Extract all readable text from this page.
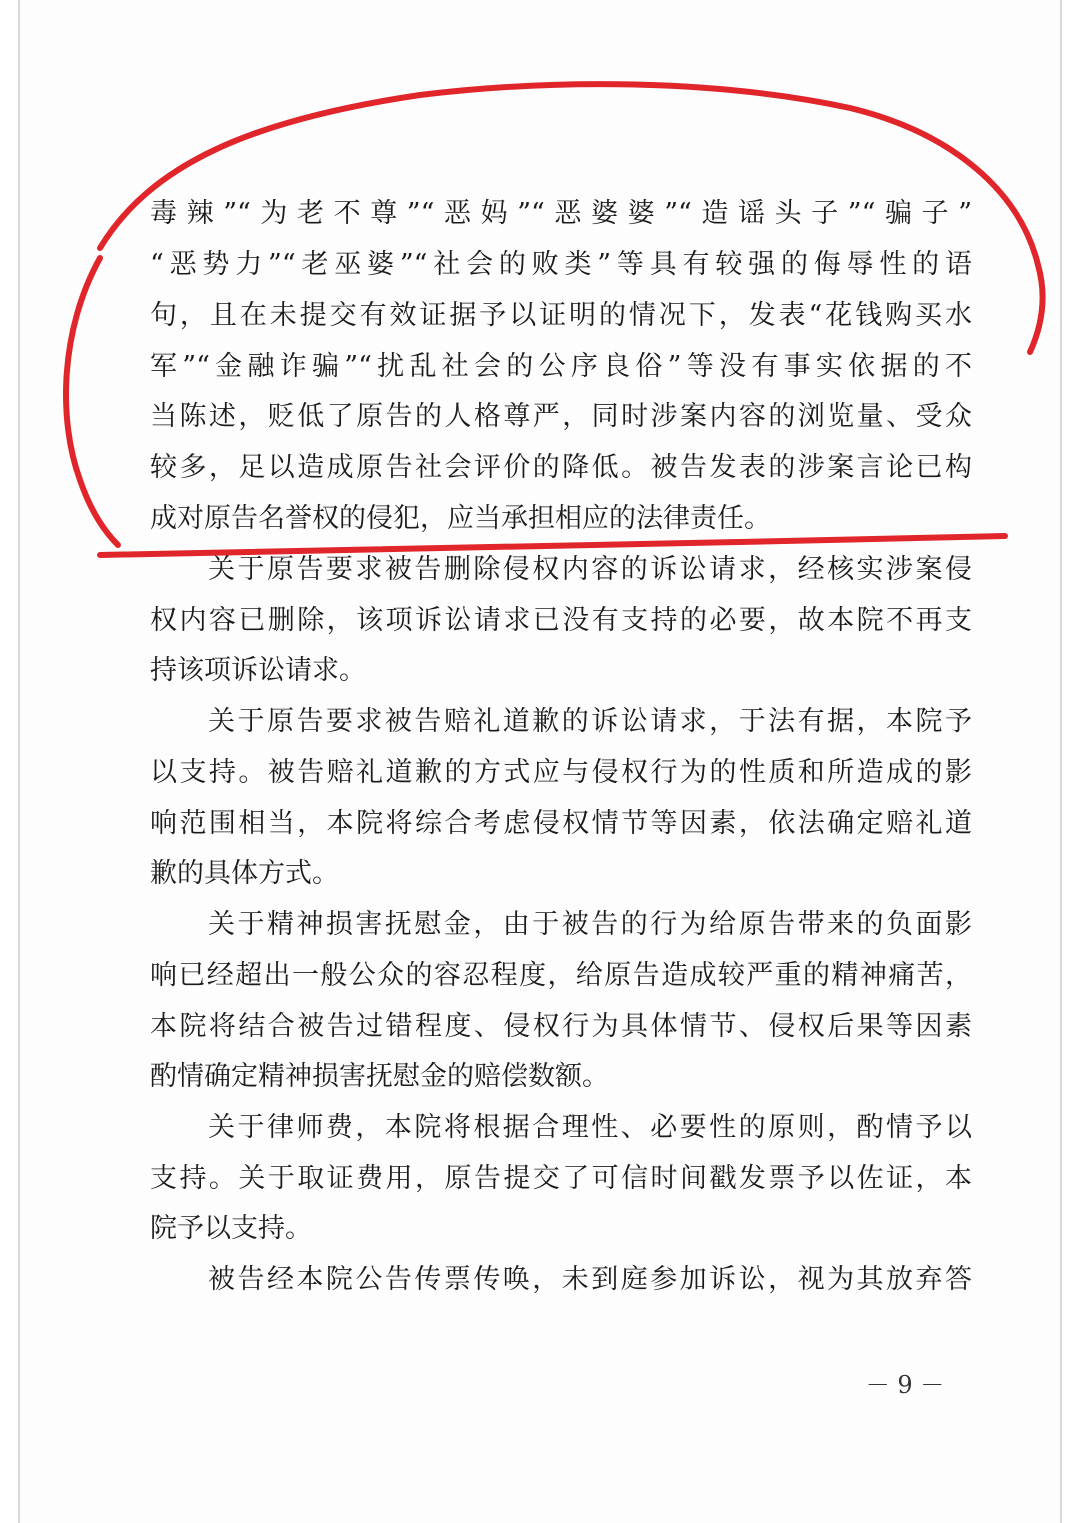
毒辣”“为老不尊”“恶妈”“恶婆婆”“造谣头子”“骗子”
“恶势力”“老巫婆”“社会的败类”等具有较强的侮辱性的语
句，且在未提交有效证据予以证明的情况下，发表“花钱购买水
军”“金融诈骗”“扰乱社会的公序良俗”等没有事实依据的不
当陈述，贬低了原告的人格尊严，同时涉案内容的浏览量、受众
较多，足以造成原告社会评价的降低。被告发表的涉案言论已构
成对原告名誉权的侵犯，应当承担相应的法律责任。
关于原告要求被告删除侵权内容的诉讼请求，经核实涉案侵
权内容已删除，该项诉讼请求已没有支持的必要，故本院不再支
持该项诉讼请求。
关于原告要求被告赔礼道歉的诉讼请求，于法有据，本院予
以支持。被告赔礼道歉的方式应与侵权行为的性质和所造成的影
响范围相当，本院将综合考虑侵权情节等因素，依法确定赔礼道
歉的具体方式。
关于精神损害抚慰金，由于被告的行为给原告带来的负面影
响已经超出一般公众的容忍程度，给原告造成较严重的精神痛苦，
本院将结合被告过错程度、侵权行为具体情节、侵权后果等因素
酌情确定精神损害抚慰金的赔偿数额。
关于律师费，本院将根据合理性、必要性的原则，酌情予以
支持。关于取证费用，原告提交了可信时间戳发票予以佐证，本
院予以支持。
被告经本院公告传票传唤，未到庭参加诉讼，视为其放弃答
－ 9 －
